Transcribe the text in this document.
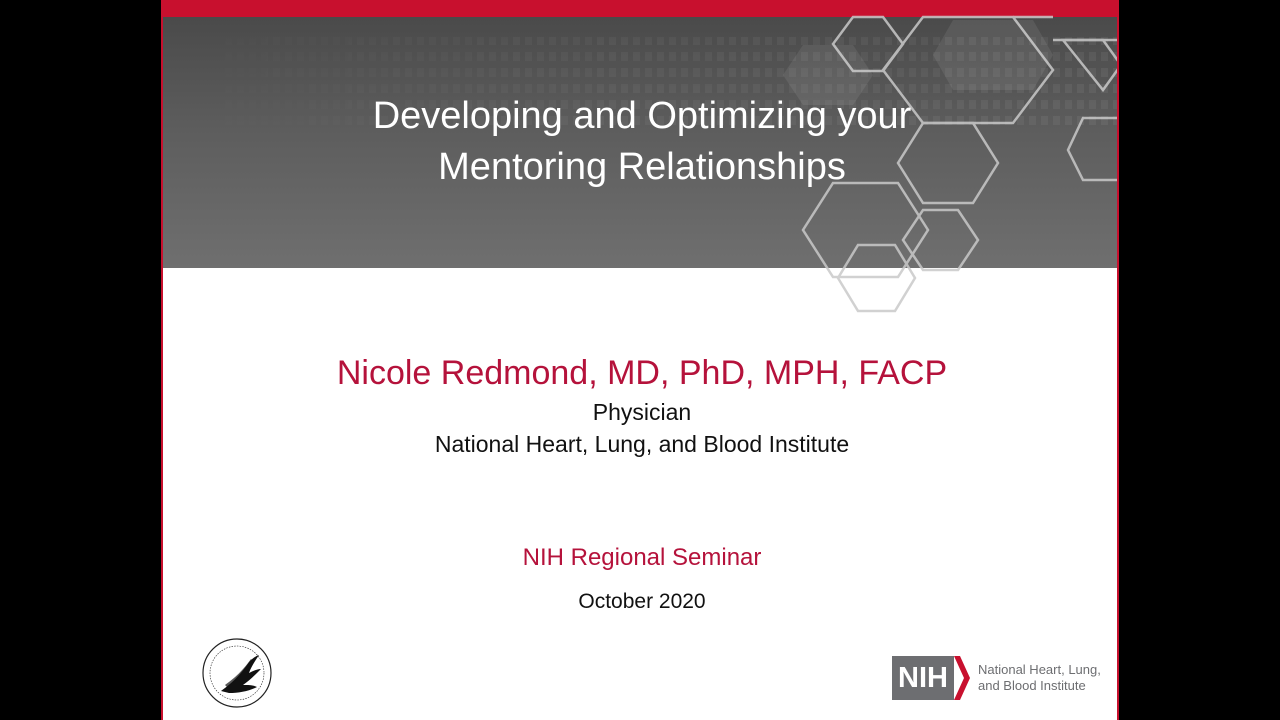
Developing and Optimizing your
Mentoring Relationships
Nicole Redmond, MD, PhD, MPH, FACP
Physician
National Heart, Lung, and Blood Institute
NIH Regional Seminar
October 2020
NIH	National Heart, Lung,
and Blood Institute
